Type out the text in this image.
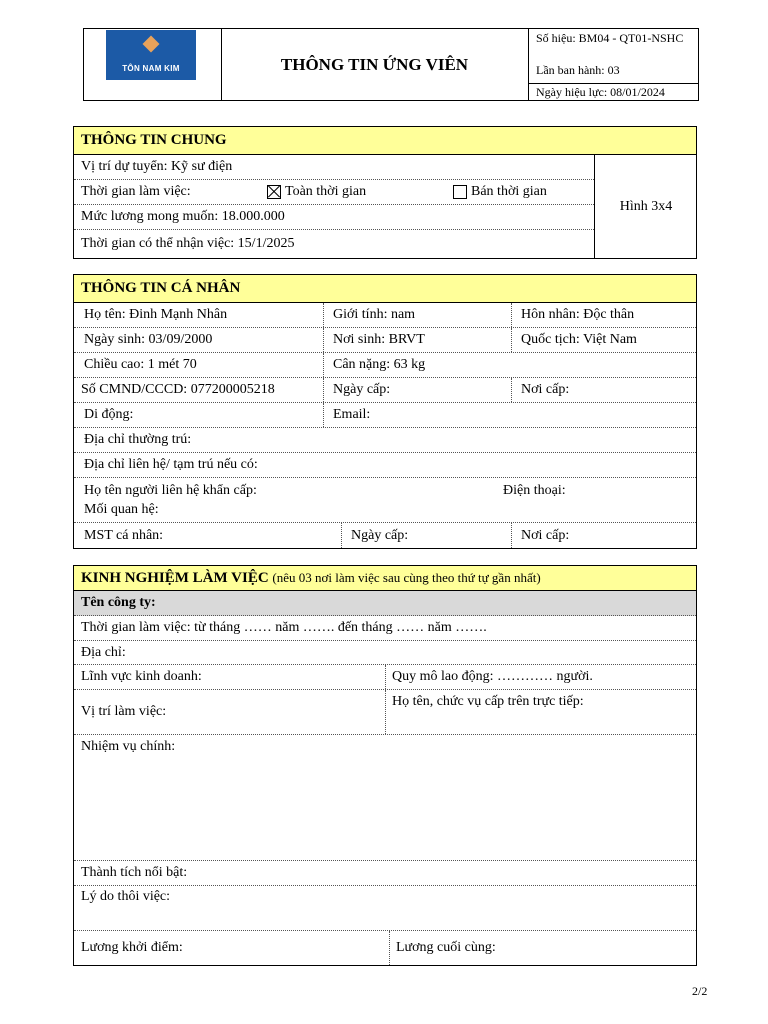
TÔN NAM KIM	THÔNG TIN ỨNG VIÊN
Số hiệu: BM04 - QT01-NSHC
Lần ban hành: 03
Ngày hiệu lực: 08/01/2024
THÔNG TIN CHUNG
Hình 3x4
Vị trí dự tuyển: Kỹ sư điện
Thời gian làm việc:	Toàn thời gian	Bán thời gian
Mức lương mong muốn: 18.000.000
Thời gian có thể nhận việc: 15/1/2025
THÔNG TIN CÁ NHÂN
Họ tên: Đinh Mạnh Nhân	Giới tính: nam	Hôn nhân: Độc thân
Ngày sinh: 03/09/2000	Nơi sinh: BRVT	Quốc tịch: Việt Nam
Chiều cao: 1 mét 70	Cân nặng: 63 kg
Số CMND/CCCD: 077200005218	Ngày cấp:	Nơi cấp:
Di động:	Email:
Địa chỉ thường trú:
Địa chỉ liên hệ/ tạm trú nếu có:
Họ tên người liên hệ khẩn cấp:	Điện thoại:
Mối quan hệ:
MST cá nhân:	Ngày cấp:	Nơi cấp:
KINH NGHIỆM LÀM VIỆC
(nêu 03 nơi làm việc sau cùng theo thứ tự gần nhất)
Tên công ty:
Thời gian làm việc: từ tháng …… năm ……. đến tháng …… năm …….
Địa chỉ:
Lĩnh vực kinh doanh:	Quy mô lao động: ………… người.
Vị trí làm việc:
Họ tên, chức vụ cấp trên trực tiếp:
Nhiệm vụ chính:
Thành tích nổi bật:
Lý do thôi việc:
Lương khởi điểm:	Lương cuối cùng:
2/2
